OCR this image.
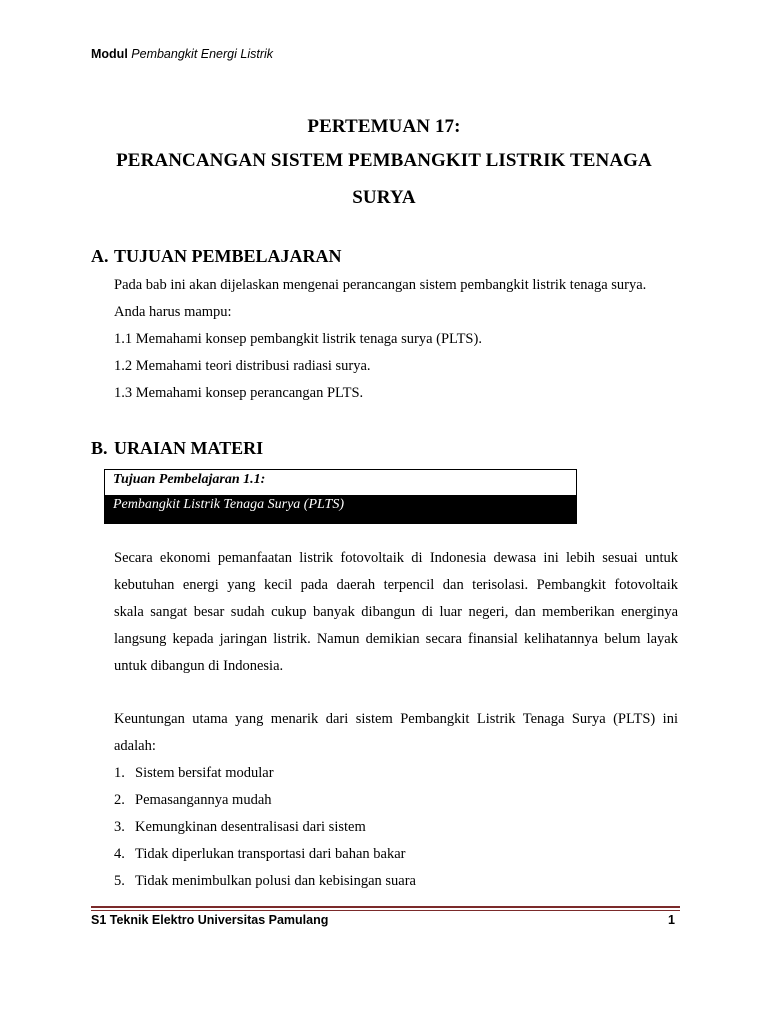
Modul Pembangkit Energi Listrik
PERTEMUAN 17:
PERANCANGAN SISTEM PEMBANGKIT LISTRIK TENAGA
SURYA
A. TUJUAN PEMBELAJARAN
Pada bab ini akan dijelaskan mengenai perancangan sistem pembangkit listrik tenaga surya.
Anda harus mampu:
1.1 Memahami konsep pembangkit listrik tenaga surya (PLTS).
1.2 Memahami teori distribusi radiasi surya.
1.3 Memahami konsep perancangan PLTS.
B. URAIAN MATERI
Tujuan Pembelajaran 1.1:
Pembangkit Listrik Tenaga Surya (PLTS)
Secara ekonomi pemanfaatan listrik fotovoltaik di Indonesia dewasa ini lebih sesuai untuk
kebutuhan energi yang kecil pada daerah terpencil dan terisolasi. Pembangkit fotovoltaik
skala sangat besar sudah cukup banyak dibangun di luar negeri, dan memberikan energinya
langsung kepada jaringan listrik. Namun demikian secara finansial kelihatannya belum layak
untuk dibangun di Indonesia.
Keuntungan utama yang menarik dari sistem Pembangkit Listrik Tenaga Surya (PLTS) ini
adalah:
1. Sistem bersifat modular
2. Pemasangannya mudah
3. Kemungkinan desentralisasi dari sistem
4. Tidak diperlukan transportasi dari bahan bakar
5. Tidak menimbulkan polusi dan kebisingan suara
S1 Teknik Elektro Universitas Pamulang	1
